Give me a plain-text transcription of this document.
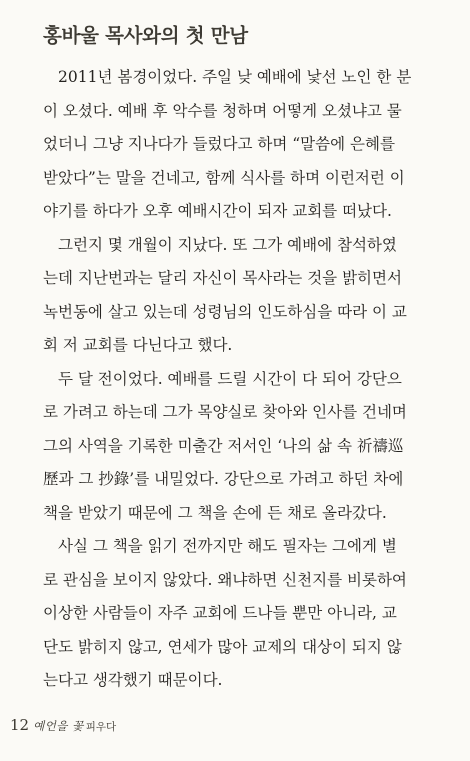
홍바울 목사와의 첫 만남
2011년 봄경이었다. 주일 낮 예배에 낯선 노인 한 분
이 오셨다. 예배 후 악수를 청하며 어떻게 오셨냐고 물
었더니 그냥 지나다가 들렀다고 하며 “말씀에 은혜를
받았다”는 말을 건네고, 함께 식사를 하며 이런저런 이
야기를 하다가 오후 예배시간이 되자 교회를 떠났다.
그런지 몇 개월이 지났다. 또 그가 예배에 참석하였
는데 지난번과는 달리 자신이 목사라는 것을 밝히면서
녹번동에 살고 있는데 성령님의 인도하심을 따라 이 교
회 저 교회를 다닌다고 했다.
두 달 전이었다. 예배를 드릴 시간이 다 되어 강단으
로 가려고 하는데 그가 목양실로 찾아와 인사를 건네며
그의 사역을 기록한 미출간 저서인 ‘나의 삶 속 祈禱巡
歷과 그 抄錄’를 내밀었다. 강단으로 가려고 하던 차에
책을 받았기 때문에 그 책을 손에 든 채로 올라갔다.
사실 그 책을 읽기 전까지만 해도 필자는 그에게 별
로 관심을 보이지 않았다. 왜냐하면 신천지를 비롯하여
이상한 사람들이 자주 교회에 드나들 뿐만 아니라, 교
단도 밝히지 않고, 연세가 많아 교제의 대상이 되지 않
는다고 생각했기 때문이다.
12 예언을 꽃 피우다
